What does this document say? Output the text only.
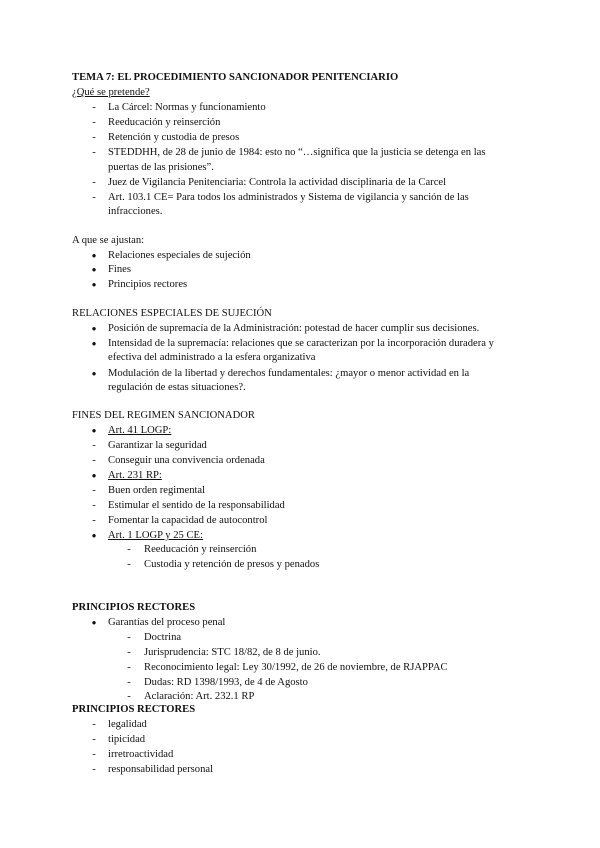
TEMA 7: EL PROCEDIMIENTO SANCIONADOR PENITENCIARIO
¿Qué se pretende?
-	La Cárcel: Normas y funcionamiento
-	Reeducación y reinserción
-	Retención y custodia de presos
-	STEDDHH, de 28 de junio de 1984: esto no “…significa que la justicia se detenga en las
puertas de las prisiones”.
-	Juez de Vigilancia Penitenciaria: Controla la actividad disciplinaria de la Carcel
-	Art. 103.1 CE= Para todos los administrados y Sistema de vigilancia y sanción de las
infracciones.
A que se ajustan:
●	Relaciones especiales de sujeción
●	Fines
●	Principios rectores
RELACIONES ESPECIALES DE SUJECIÓN
●	Posición de supremacía de la Administración: potestad de hacer cumplir sus decisiones.
●	Intensidad de la supremacía: relaciones que se caracterizan por la incorporación duradera y
efectiva del administrado a la esfera organizativa
●	Modulación de la libertad y derechos fundamentales: ¿mayor o menor actividad en la
regulación de estas situaciones?.
FINES DEL REGIMEN SANCIONADOR
●	Art. 41 LOGP:
-	Garantizar la seguridad
-	Conseguir una convivencia ordenada
●	Art. 231 RP:
-	Buen orden regimental
-	Estimular el sentido de la responsabilidad
-	Fomentar la capacidad de autocontrol
●	Art. 1 LOGP y 25 CE:
-	Reeducación y reinserción
-	Custodia y retención de presos y penados
PRINCIPIOS RECTORES
●	Garantías del proceso penal
-	Doctrina
-	Jurisprudencia: STC 18/82, de 8 de junio.
-	Reconocimiento legal: Ley 30/1992, de 26 de noviembre, de RJAPPAC
-	Dudas: RD 1398/1993, de 4 de Agosto
-	Aclaración: Art. 232.1 RP
PRINCIPIOS RECTORES
-	legalidad
-	tipicidad
-	irretroactividad
-	responsabilidad personal
